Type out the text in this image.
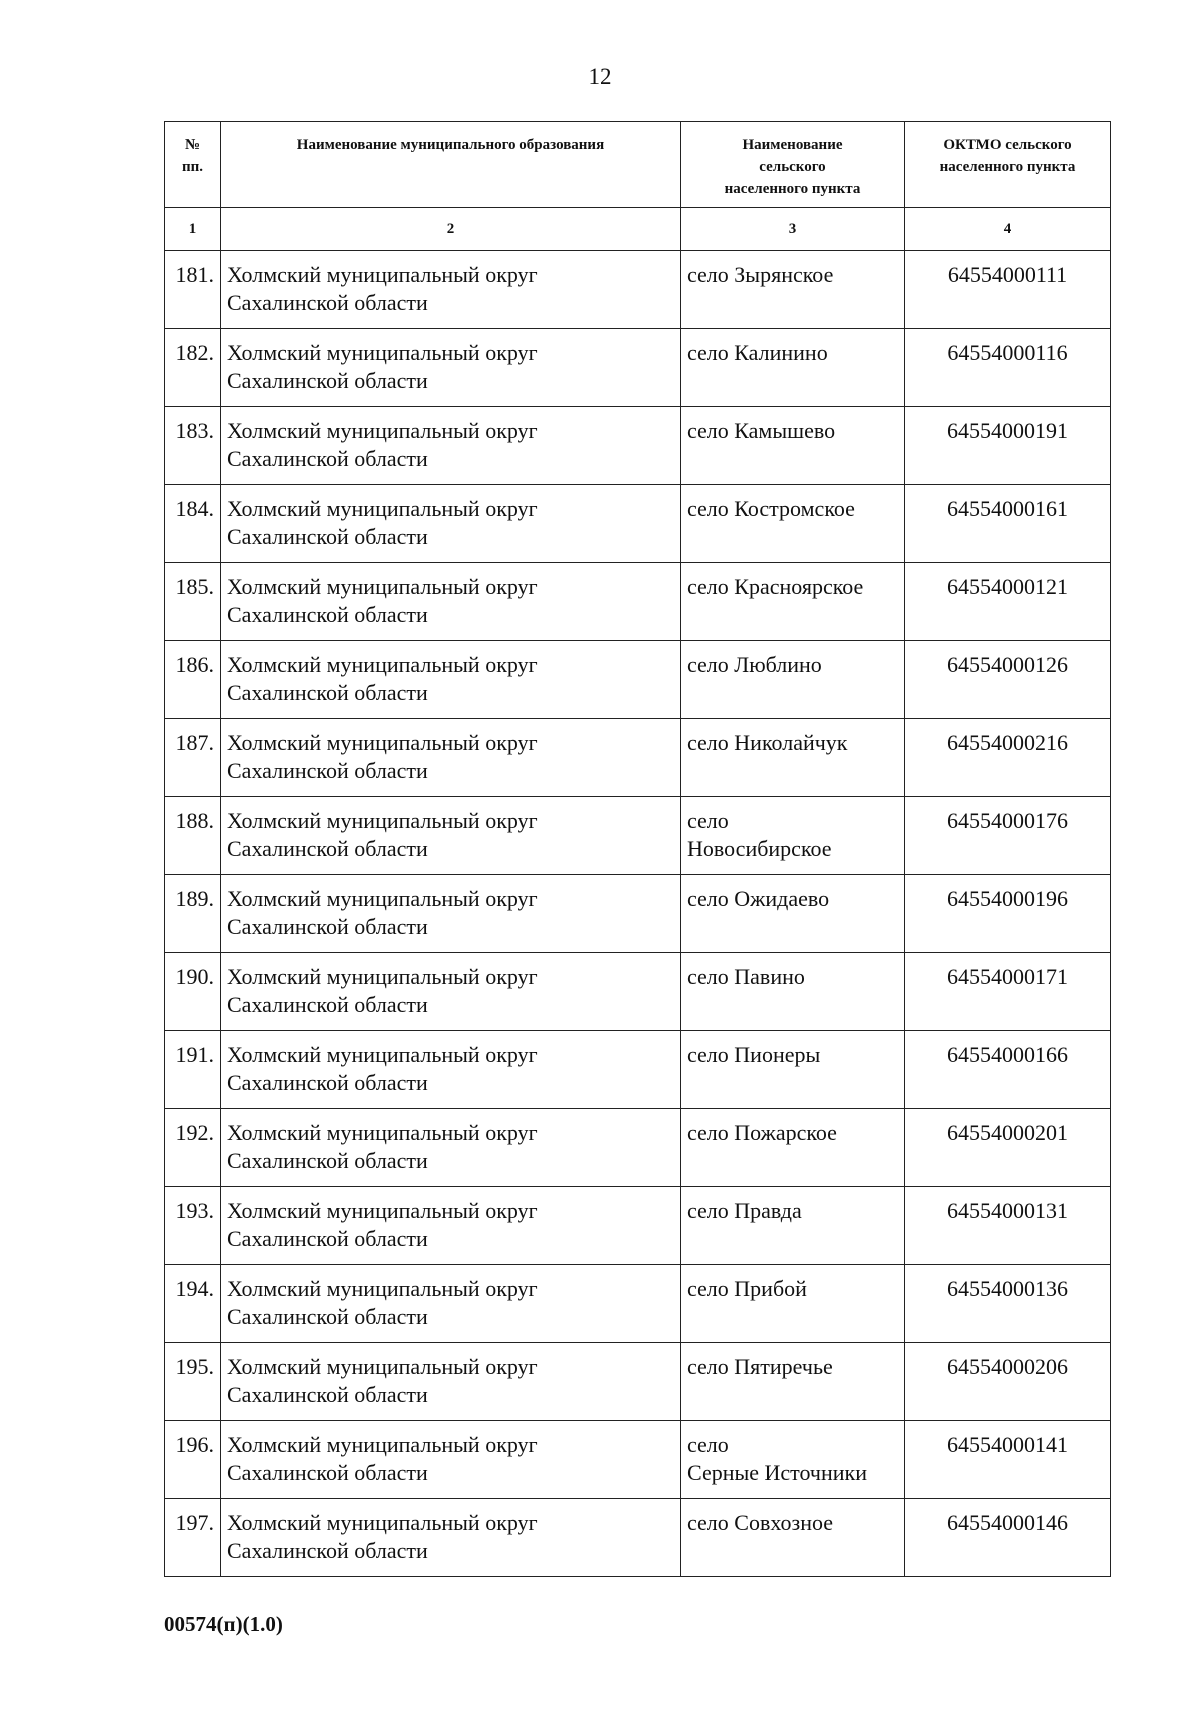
12
№
пп.	Наименование муниципального образования	Наименование
сельского
населенного пункта	ОКТМО сельского
населенного пункта

1	2	3	4
181.	Холмский муниципальный округ
Сахалинской области	село Зырянское	64554000111
182.	Холмский муниципальный округ
Сахалинской области	село Калинино	64554000116
183.	Холмский муниципальный округ
Сахалинской области	село Камышево	64554000191
184.	Холмский муниципальный округ
Сахалинской области	село Костромское	64554000161
185.	Холмский муниципальный округ
Сахалинской области	село Красноярское	64554000121
186.	Холмский муниципальный округ
Сахалинской области	село Люблино	64554000126
187.	Холмский муниципальный округ
Сахалинской области	село Николайчук	64554000216
188.	Холмский муниципальный округ
Сахалинской области	село
Новосибирское	64554000176
189.	Холмский муниципальный округ
Сахалинской области	село Ожидаево	64554000196
190.	Холмский муниципальный округ
Сахалинской области	село Павино	64554000171
191.	Холмский муниципальный округ
Сахалинской области	село Пионеры	64554000166
192.	Холмский муниципальный округ
Сахалинской области	село Пожарское	64554000201
193.	Холмский муниципальный округ
Сахалинской области	село Правда	64554000131
194.	Холмский муниципальный округ
Сахалинской области	село Прибой	64554000136
195.	Холмский муниципальный округ
Сахалинской области	село Пятиречье	64554000206
196.	Холмский муниципальный округ
Сахалинской области	село
Серные Источники	64554000141
197.	Холмский муниципальный округ
Сахалинской области	село Совхозное	64554000146
00574(п)(1.0)
